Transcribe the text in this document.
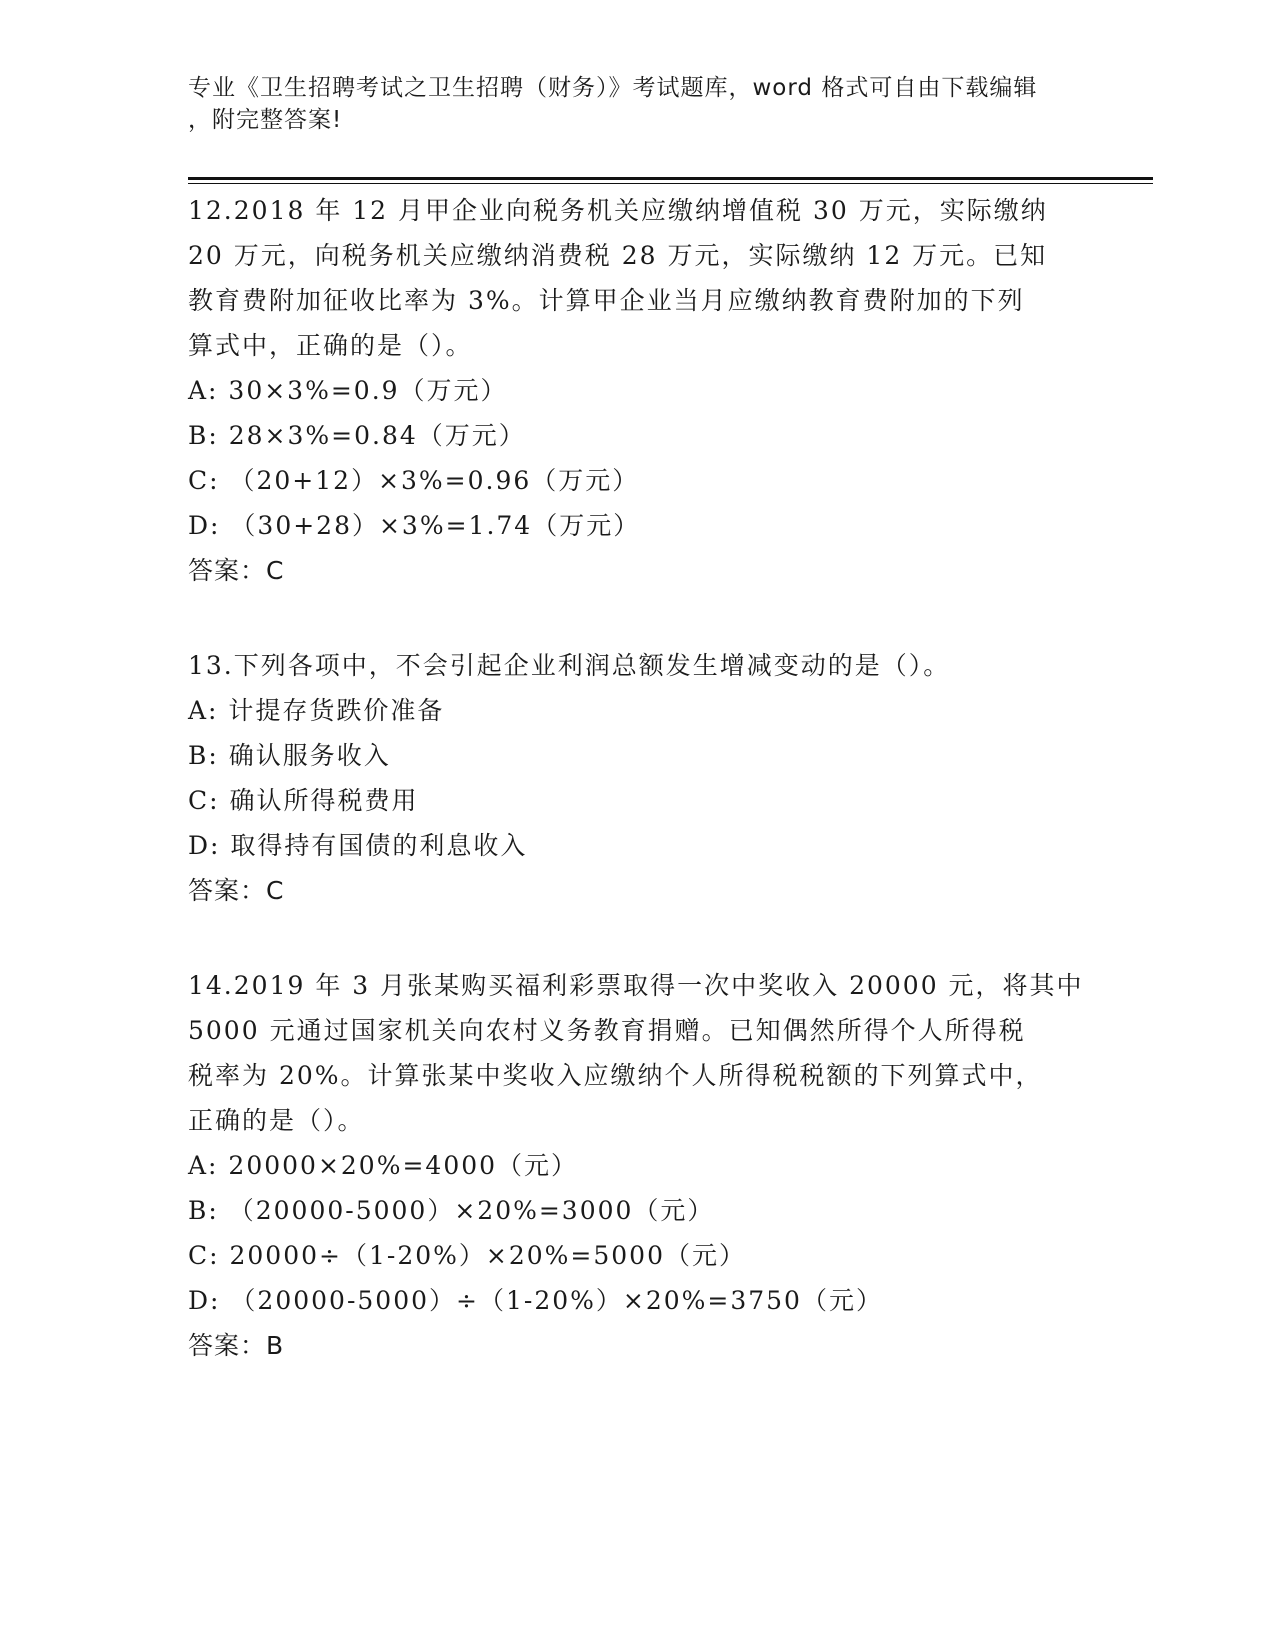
专业《卫生招聘考试之卫生招聘（财务）》考试题库，word 格式可自由下载编辑

，附完整答案!

12.2018 年 12 月甲企业向税务机关应缴纳增值税 30 万元，实际缴纳

20 万元，向税务机关应缴纳消费税 28 万元，实际缴纳 12 万元。已知

教育费附加征收比率为 3%。计算甲企业当月应缴纳教育费附加的下列

算式中，正确的是（）。

A: 30×3%=0.9（万元）

B: 28×3%=0.84（万元）

C: （20+12）×3%=0.96（万元）

D: （30+28）×3%=1.74（万元）

答案：C

13.下列各项中，不会引起企业利润总额发生增减变动的是（）。

A: 计提存货跌价准备

B: 确认服务收入

C: 确认所得税费用

D: 取得持有国债的利息收入

答案：C

14.2019 年 3 月张某购买福利彩票取得一次中奖收入 20000 元，将其中

5000 元通过国家机关向农村义务教育捐赠。已知偶然所得个人所得税

税率为 20%。计算张某中奖收入应缴纳个人所得税税额的下列算式中，

正确的是（）。

A: 20000×20%=4000（元）

B: （20000-5000）×20%=3000（元）

C: 20000÷（1-20%）×20%=5000（元）

D: （20000-5000）÷（1-20%）×20%=3750（元）

答案：B
